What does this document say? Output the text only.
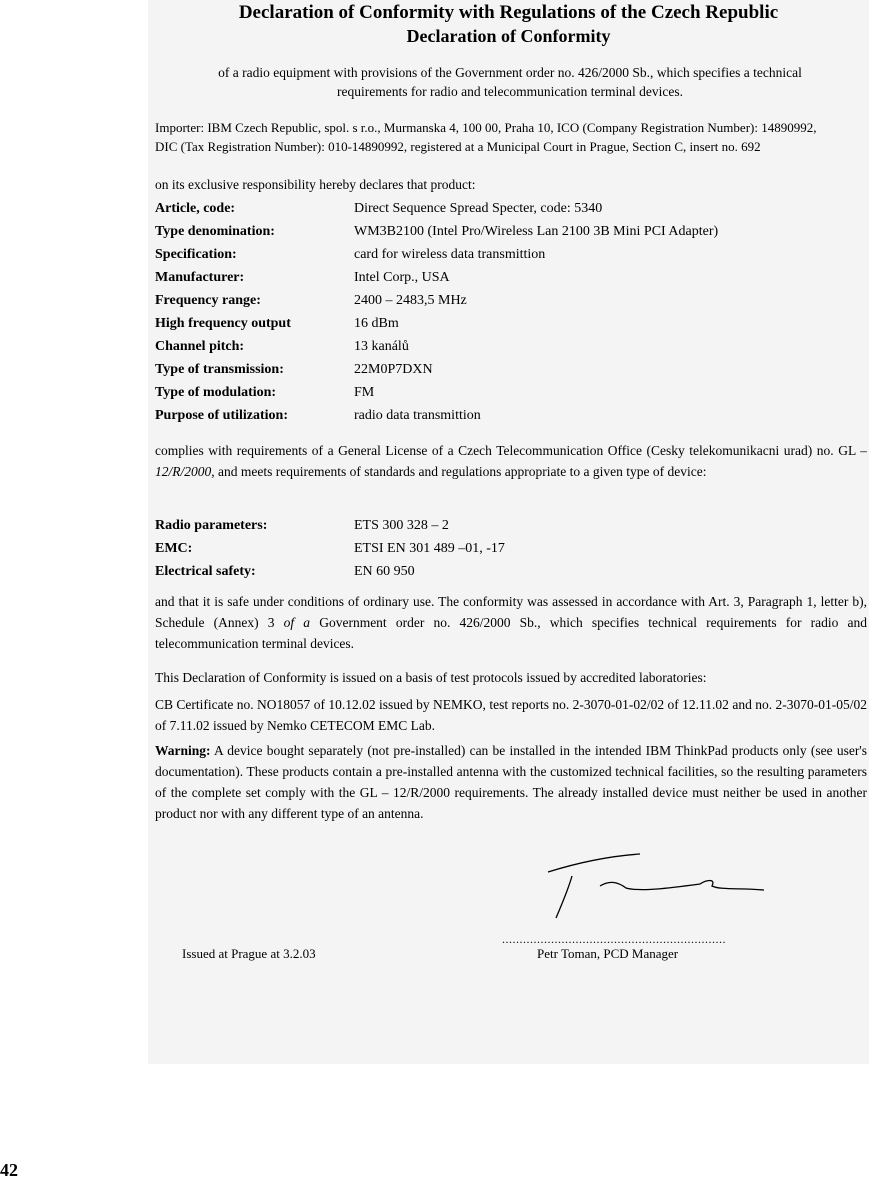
Declaration of Conformity with Regulations of the Czech Republic
Declaration of Conformity
of a radio equipment with provisions of the Government order no. 426/2000 Sb., which specifies a technical
requirements for radio and telecommunication terminal devices.
Importer: IBM Czech Republic, spol. s r.o., Murmanska 4, 100 00, Praha 10, ICO (Company Registration Number): 14890992,
DIC (Tax Registration Number): 010-14890992, registered at a Municipal Court in Prague, Section C, insert no. 692
on its exclusive responsibility hereby declares that product:
Article, code:	Direct Sequence Spread Specter, code: 5340
Type denomination:	WM3B2100 (Intel Pro/Wireless Lan 2100 3B Mini PCI Adapter)
Specification:	card for wireless data transmittion
Manufacturer:	Intel Corp., USA
Frequency range:	2400 – 2483,5 MHz
High frequency output	16 dBm
Channel pitch:	13 kanálů
Type of transmission:	22M0P7DXN
Type of modulation:	FM
Purpose of utilization:	radio data transmittion
complies with requirements of a General License of a Czech Telecommunication Office (Cesky telekomunikacni urad) no. GL – 12/R/2000, and meets requirements of standards and regulations appropriate to a given type of device:
Radio parameters:	ETS 300 328 – 2
EMC:	ETSI EN 301 489 –01, -17
Electrical safety:	EN 60 950
and that it is safe under conditions of ordinary use. The conformity was assessed in accordance with Art. 3, Paragraph 1, letter b), Schedule (Annex) 3 of a Government order no. 426/2000 Sb., which specifies technical requirements for radio and telecommunication terminal devices.
This Declaration of Conformity is issued on a basis of test protocols issued by accredited laboratories:
CB Certificate no. NO18057 of 10.12.02 issued by NEMKO, test reports no. 2-3070-01-02/02 of 12.11.02 and no. 2-3070-01-05/02 of 7.11.02 issued by Nemko CETECOM EMC Lab.
Warning: A device bought separately (not pre-installed) can be installed in the intended IBM ThinkPad products only (see user's documentation). These products contain a pre-installed antenna with the customized technical facilities, so the resulting parameters of the complete set comply with the GL – 12/R/2000 requirements. The already installed device must neither be used in another product nor with any different type of an antenna.
................................................................
Issued at Prague at 3.2.03	Petr Toman, PCD Manager
42
